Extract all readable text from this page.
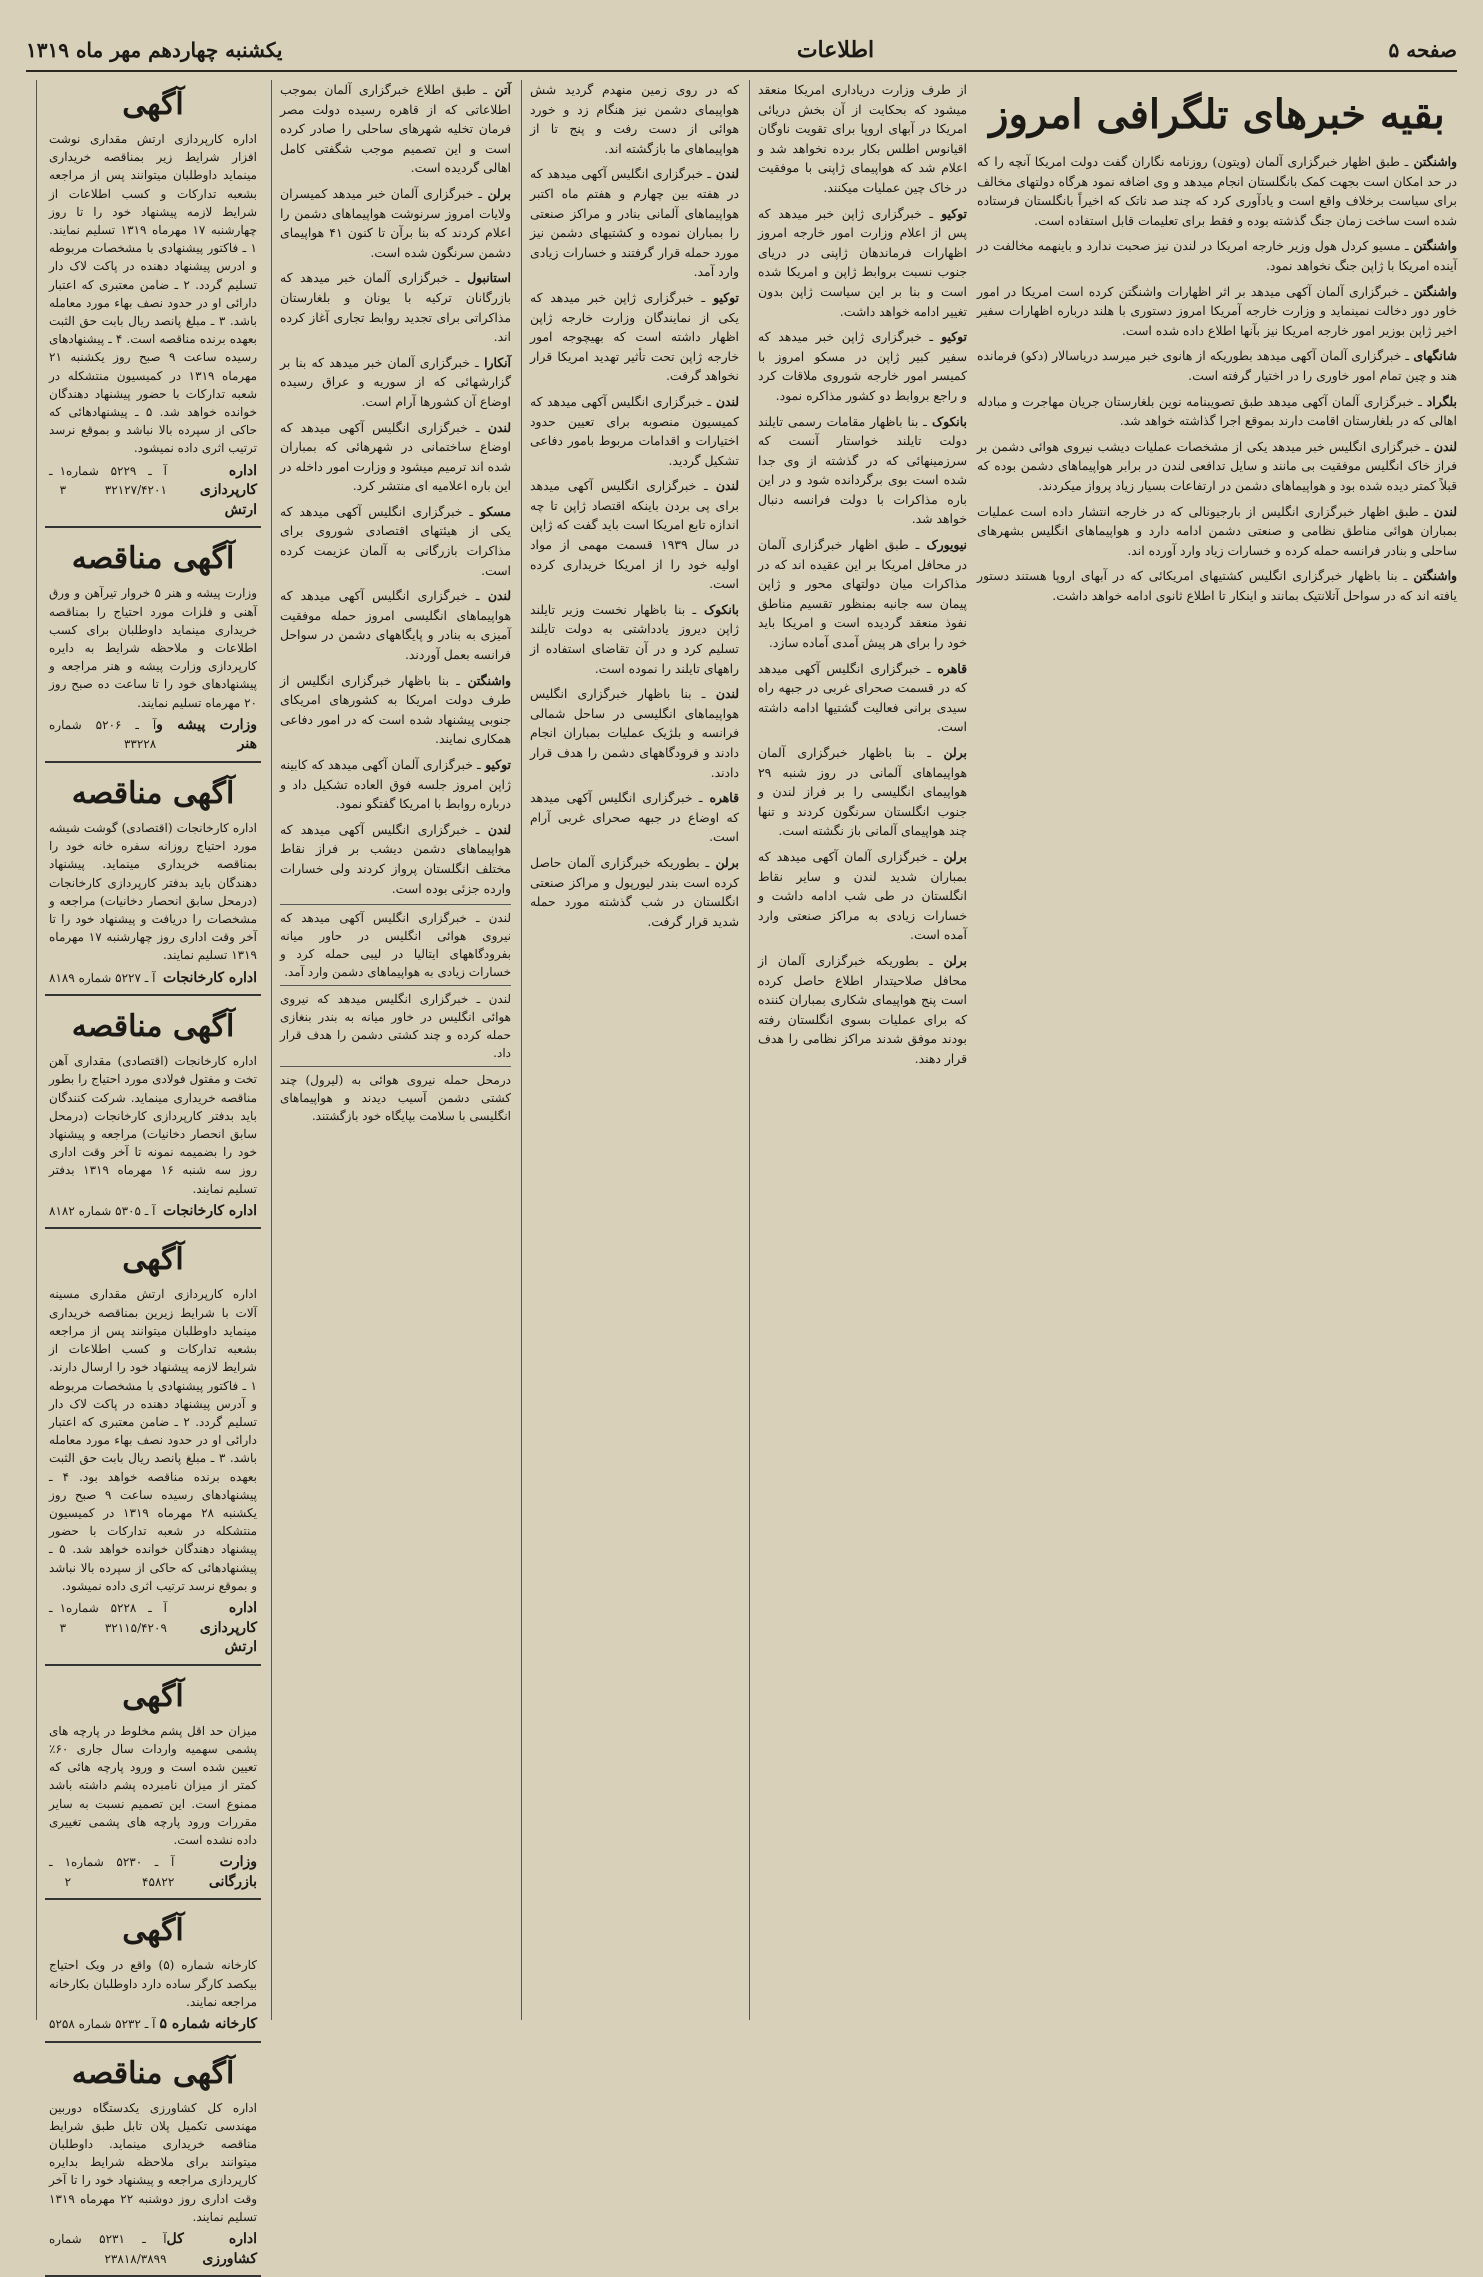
صفحه ۵
اطلاعات
یکشنبه چهاردهم مهر ماه ۱۳۱۹
بقیه خبرهای تلگرافی امروز
واشنگتن ـ طبق اظهار خبرگزاری آلمان (ویتون) روزنامه نگاران گفت دولت امریکا آنچه را که در حد امکان است بجهت کمک بانگلستان انجام میدهد و وی اضافه نمود هرگاه دولتهای مخالف برای سیاست برخلاف واقع است و یادآوری کرد که چند صد ناتک که اخیراً بانگلستان فرستاده شده است ساخت زمان جنگ گذشته بوده و فقط برای تعلیمات قابل استفاده است.
واشنگتن ـ مسیو کردل هول وزیر خارجه امریکا در لندن نیز صحبت ندارد و باینهمه مخالفت در آینده امریکا با ژاپن جنگ نخواهد نمود.
واشنگتن ـ خبرگزاری آلمان آکهی میدهد بر اثر اظهارات واشنگتن کرده است امریکا در امور خاور دور دخالت نمینماید و وزارت خارجه آمریکا امروز دستوری با هلند درباره اظهارات سفیر اخیر ژاپن بوزیر امور خارجه امریکا نیز بآنها اطلاع داده شده است.
شانگهای ـ خبرگزاری آلمان آکهی میدهد بطوریکه از هانوی خبر میرسد دریاسالار (دکو) فرمانده هند و چین تمام امور خاوری را در اختیار گرفته است.
بلگراد ـ خبرگزاری آلمان آکهی میدهد طبق تصویبنامه نوین بلغارستان جریان مهاجرت و مبادله اهالی که در بلغارستان اقامت دارند بموقع اجرا گذاشته خواهد شد.
لندن ـ خبرگزاری انگلیس خبر میدهد یکی از مشخصات عملیات دیشب نیروی هوائی دشمن بر فراز خاک انگلیس موفقیت بی مانند و سایل تدافعی لندن در برابر هواپیماهای دشمن بوده که قبلاً کمتر دیده شده بود و هواپیماهای دشمن در ارتفاعات بسیار زیاد پرواز میکردند.
لندن ـ طبق اظهار خبرگزاری انگلیس از بارجیونالی که در خارجه انتشار داده است عملیات بمباران هوائی مناطق نظامی و صنعتی دشمن ادامه دارد و هواپیماهای انگلیس بشهرهای ساحلی و بنادر فرانسه حمله کرده و خسارات زیاد وارد آورده اند.
واشنگتن ـ بنا باظهار خبرگزاری انگلیس کشتیهای امریکائی که در آبهای اروپا هستند دستور یافته اند که در سواحل آتلانتیک بمانند و اینکار تا اطلاع ثانوی ادامه خواهد داشت.
از طرف وزارت دریاداری امریکا منعقد میشود که بحکایت از آن بخش دریائی امریکا در آبهای اروپا برای تقویت ناوگان اقیانوس اطلس بکار برده نخواهد شد و اعلام شد که هواپیمای ژاپنی با موفقیت در خاک چین عملیات میکنند.
توکیو ـ خبرگزاری ژاپن خبر میدهد که پس از اعلام وزارت امور خارجه امروز اظهارات فرماندهان ژاپنی در دریای جنوب نسبت بروابط ژاپن و امریکا شده است و بنا بر این سیاست ژاپن بدون تغییر ادامه خواهد داشت.
توکیو ـ خبرگزاری ژاپن خبر میدهد که سفیر کبیر ژاپن در مسکو امروز با کمیسر امور خارجه شوروی ملاقات کرد و راجع بروابط دو کشور مذاکره نمود.
بانکوک ـ بنا باظهار مقامات رسمی تایلند دولت تایلند خواستار آنست که سرزمینهائی که در گذشته از وی جدا شده است بوی برگردانده شود و در این باره مذاکرات با دولت فرانسه دنبال خواهد شد.
نیویورک ـ طبق اظهار خبرگزاری آلمان در محافل امریکا بر این عقیده اند که در مذاکرات میان دولتهای محور و ژاپن پیمان سه جانبه بمنظور تقسیم مناطق نفوذ منعقد گردیده است و امریکا باید خود را برای هر پیش آمدی آماده سازد.
قاهره ـ خبرگزاری انگلیس آکهی میدهد که در قسمت صحرای غربی در جبهه راه سیدی برانی فعالیت گشتیها ادامه داشته است.
برلن ـ بنا باظهار خبرگزاری آلمان هواپیماهای آلمانی در روز شنبه ۲۹ هواپیمای انگلیسی را بر فراز لندن و جنوب انگلستان سرنگون کردند و تنها چند هواپیمای آلمانی باز نگشته است.
برلن ـ خبرگزاری آلمان آکهی میدهد که بمباران شدید لندن و سایر نقاط انگلستان در طی شب ادامه داشت و خسارات زیادی به مراکز صنعتی وارد آمده است.
برلن ـ بطوریکه خبرگزاری آلمان از محافل صلاحیتدار اطلاع حاصل کرده است پنج هواپیمای شکاری بمباران کننده که برای عملیات بسوی انگلستان رفته بودند موفق شدند مراکز نظامی را هدف قرار دهند.
که در روی زمین منهدم گردید شش هواپیمای دشمن نیز هنگام زد و خورد هوائی از دست رفت و پنج تا از هواپیماهای ما بازگشته اند.
لندن ـ خبرگزاری انگلیس آکهی میدهد که در هفته بین چهارم و هفتم ماه اکتبر هواپیماهای آلمانی بنادر و مراکز صنعتی را بمباران نموده و کشتیهای دشمن نیز مورد حمله قرار گرفتند و خسارات زیادی وارد آمد.
توکیو ـ خبرگزاری ژاپن خبر میدهد که یکی از نمایندگان وزارت خارجه ژاپن اظهار داشته است که بهیچوجه امور خارجه ژاپن تحت تأثیر تهدید امریکا قرار نخواهد گرفت.
لندن ـ خبرگزاری انگلیس آکهی میدهد که کمیسیون منصوبه برای تعیین حدود اختیارات و اقدامات مربوط بامور دفاعی تشکیل گردید.
لندن ـ خبرگزاری انگلیس آکهی میدهد برای پی بردن باینکه اقتصاد ژاپن تا چه اندازه تابع امریکا است باید گفت که ژاپن در سال ۱۹۳۹ قسمت مهمی از مواد اولیه خود را از امریکا خریداری کرده است.
بانکوک ـ بنا باظهار نخست وزیر تایلند ژاپن دیروز یادداشتی به دولت تایلند تسلیم کرد و در آن تقاضای استفاده از راههای تایلند را نموده است.
لندن ـ بنا باظهار خبرگزاری انگلیس هواپیماهای انگلیسی در ساحل شمالی فرانسه و بلژیک عملیات بمباران انجام دادند و فرودگاههای دشمن را هدف قرار دادند.
قاهره ـ خبرگزاری انگلیس آکهی میدهد که اوضاع در جبهه صحرای غربی آرام است.
برلن ـ بطوریکه خبرگزاری آلمان حاصل کرده است بندر لیورپول و مراکز صنعتی انگلستان در شب گذشته مورد حمله شدید قرار گرفت.
آتن ـ طبق اطلاع خبرگزاری آلمان بموجب اطلاعاتی که از قاهره رسیده دولت مصر فرمان تخلیه شهرهای ساحلی را صادر کرده است و این تصمیم موجب شگفتی کامل اهالی گردیده است.
برلن ـ خبرگزاری آلمان خبر میدهد کمیسران ولایات امروز سرنوشت هواپیماهای دشمن را اعلام کردند که بنا برآن تا کنون ۴۱ هواپیمای دشمن سرنگون شده است.
استانبول ـ خبرگزاری آلمان خبر میدهد که بازرگانان ترکیه با یونان و بلغارستان مذاکراتی برای تجدید روابط تجاری آغاز کرده اند.
آنکارا ـ خبرگزاری آلمان خبر میدهد که بنا بر گزارشهائی که از سوریه و عراق رسیده اوضاع آن کشورها آرام است.
لندن ـ خبرگزاری انگلیس آکهی میدهد که اوضاع ساختمانی در شهرهائی که بمباران شده اند ترمیم میشود و وزارت امور داخله در این باره اعلامیه ای منتشر کرد.
مسکو ـ خبرگزاری انگلیس آکهی میدهد که یکی از هیئتهای اقتصادی شوروی برای مذاکرات بازرگانی به آلمان عزیمت کرده است.
لندن ـ خبرگزاری انگلیس آکهی میدهد که هواپیماهای انگلیسی امروز حمله موفقیت آمیزی به بنادر و پایگاههای دشمن در سواحل فرانسه بعمل آوردند.
واشنگتن ـ بنا باظهار خبرگزاری انگلیس از طرف دولت امریکا به کشورهای امریکای جنوبی پیشنهاد شده است که در امور دفاعی همکاری نمایند.
توکیو ـ خبرگزاری آلمان آکهی میدهد که کابینه ژاپن امروز جلسه فوق العاده تشکیل داد و درباره روابط با امریکا گفتگو نمود.
لندن ـ خبرگزاری انگلیس آکهی میدهد که هواپیماهای دشمن دیشب بر فراز نقاط مختلف انگلستان پرواز کردند ولی خسارات وارده جزئی بوده است.
لندن ـ خبرگزاری انگلیس آکهی میدهد که نیروی هوائی انگلیس در حاور میانه بفرودگاههای ایتالیا در لیبی حمله کرد و خسارات زیادی به هواپیماهای دشمن وارد آمد.
لندن ـ خبرگزاری انگلیس میدهد که نیروی هوائی انگلیس در خاور میانه به بندر بنغازی حمله کرده و چند کشتی دشمن را هدف قرار داد.
درمحل حمله نیروی هوائی به (لیرول) چند کشتی دشمن آسیب دیدند و هواپیماهای انگلیسی با سلامت بپایگاه خود بازگشتند.
آگهی
اداره کارپردازی ارتش مقداری نوشت افزار شرایط زیر بمناقصه خریداری مینماید داوطلبان میتوانند پس از مراجعه بشعبه تدارکات و کسب اطلاعات از شرایط لازمه پیشنهاد خود را تا روز چهارشنبه ۱۷ مهرماه ۱۳۱۹ تسلیم نمایند. ۱ ـ فاکتور پیشنهادی با مشخصات مربوطه و ادرس پیشنهاد دهنده در پاکت لاک دار تسلیم گردد. ۲ ـ ضامن معتبری که اعتبار دارائی او در حدود نصف بهاء مورد معامله باشد. ۳ ـ مبلغ پانصد ریال بابت حق الثبت بعهده برنده مناقصه است. ۴ ـ پیشنهادهای رسیده ساعت ۹ صبح روز یکشنبه ۲۱ مهرماه ۱۳۱۹ در کمیسیون منتشکله در شعبه تدارکات با حضور پیشنهاد دهندگان خوانده خواهد شد. ۵ ـ پیشنهادهائی که حاکی از سپرده بالا نباشد و بموقع نرسد ترتیب اثری داده نمیشود.
اداره کارپردازی ارتش
آ ـ ۵۲۲۹ شماره ۳۲۱۲۷/۴۲۰۱
۱ ـ ۳
آگهی مناقصه
وزارت پیشه و هنر ۵ خروار تیرآهن و ورق آهنی و فلزات مورد احتیاج را بمناقصه خریداری مینماید داوطلبان برای کسب اطلاعات و ملاحظه شرایط به دایره کارپردازی وزارت پیشه و هنر مراجعه و پیشنهادهای خود را تا ساعت ده صبح روز ۲۰ مهرماه تسلیم نمایند.
وزارت پیشه و هنر
آ ـ ۵۲۰۶ شماره ۳۳۲۲۸
آگهی مناقصه
اداره کارخانجات (اقتصادی) گوشت شیشه مورد احتیاج روزانه سفره خانه خود را بمناقصه خریداری مینماید. پیشنهاد دهندگان باید بدفتر کارپردازی کارخانجات (درمحل سابق انحصار دخانیات) مراجعه و مشخصات را دریافت و پیشنهاد خود را تا آخر وقت اداری روز چهارشنبه ۱۷ مهرماه ۱۳۱۹ تسلیم نمایند.
اداره کارخانجات
آ ـ ۵۲۲۷ شماره ۸۱۸۹
آگهی مناقصه
اداره کارخانجات (اقتصادی) مقداری آهن تخت و مفتول فولادی مورد احتیاج را بطور مناقصه خریداری مینماید. شرکت کنندگان باید بدفتر کارپردازی کارخانجات (درمحل سابق انحصار دخانیات) مراجعه و پیشنهاد خود را بضمیمه نمونه تا آخر وقت اداری روز سه شنبه ۱۶ مهرماه ۱۳۱۹ بدفتر تسلیم نمایند.
اداره کارخانجات
آ ـ ۵۳۰۵ شماره ۸۱۸۲
آگهی
اداره کارپردازی ارتش مقداری مسینه آلات با شرایط زیرین بمناقصه خریداری مینماید داوطلبان میتوانند پس از مراجعه بشعبه تدارکات و کسب اطلاعات از شرایط لازمه پیشنهاد خود را ارسال دارند. ۱ ـ فاکتور پیشنهادی با مشخصات مربوطه و آدرس پیشنهاد دهنده در پاکت لاک دار تسلیم گردد. ۲ ـ ضامن معتبری که اعتبار دارائی او در حدود نصف بهاء مورد معامله باشد. ۳ ـ مبلغ پانصد ریال بابت حق الثبت بعهده برنده مناقصه خواهد بود. ۴ ـ پیشنهادهای رسیده ساعت ۹ صبح روز یکشنبه ۲۸ مهرماه ۱۳۱۹ در کمیسیون منتشکله در شعبه تدارکات با حضور پیشنهاد دهندگان خوانده خواهد شد. ۵ ـ پیشنهادهائی که حاکی از سپرده بالا نباشد و بموقع نرسد ترتیب اثری داده نمیشود.
اداره کارپردازی ارتش
آ ـ ۵۲۲۸ شماره ۳۲۱۱۵/۴۲۰۹
۱ ـ ۳
آگهی
میزان حد اقل پشم مخلوط در پارچه های پشمی سهمیه واردات سال جاری ۶۰٪ تعیین شده است و ورود پارچه هائی که کمتر از میزان نامبرده پشم داشته باشد ممنوع است. این تصمیم نسبت به سایر مقررات ورود پارچه های پشمی تغییری داده نشده است.
وزارت بازرگانی
آ ـ ۵۲۳۰ شماره ۴۵۸۲۲
۱ ـ ۲
آگهی
کارخانه شماره (۵) واقع در ویک احتیاج بیکصد کارگر ساده دارد داوطلبان بکارخانه مراجعه نمایند.
کارخانه شماره ۵
آ ـ ۵۲۳۲ شماره ۵۲۵۸
آگهی مناقصه
اداره کل کشاورزی یکدستگاه دوربین مهندسی تکمیل پلان تابل طبق شرایط مناقصه خریداری مینماید. داوطلبان میتوانند برای ملاحظه شرایط بدایره کارپردازی مراجعه و پیشنهاد خود را تا آخر وقت اداری روز دوشنبه ۲۲ مهرماه ۱۳۱۹ تسلیم نمایند.
اداره کل کشاورزی
آ ـ ۵۲۳۱ شماره ۲۳۸۱۸/۳۸۹۹
